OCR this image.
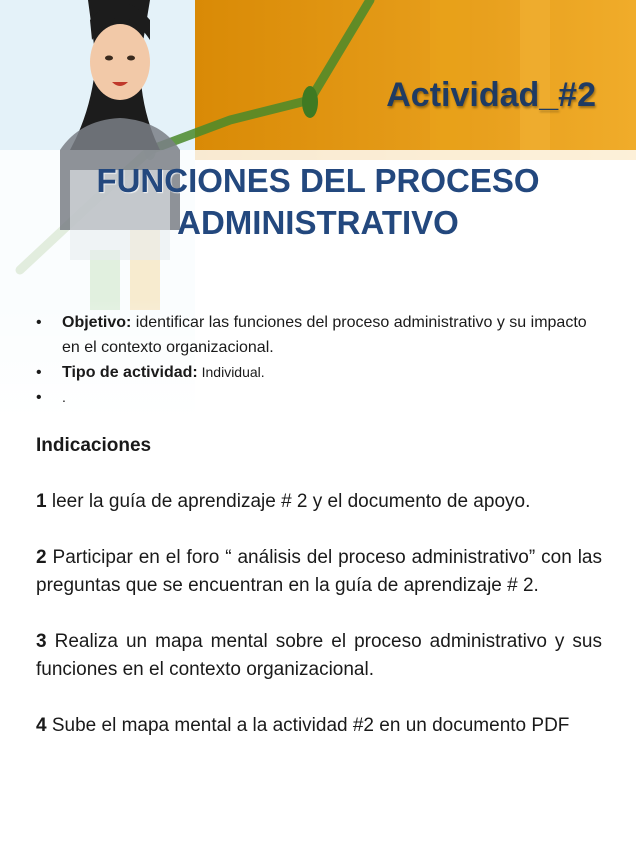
Actividad_#2
FUNCIONES DEL PROCESO
ADMINISTRATIVO
• Objetivo: identificar las funciones del proceso administrativo y su impacto en el contexto organizacional.
• Tipo de actividad: Individual.
• .
Indicaciones
1 leer la guía de aprendizaje # 2 y el documento de apoyo.
2 Participar en el foro “ análisis del proceso administrativo” con las preguntas que se encuentran en la guía de aprendizaje # 2.
3 Realiza un mapa mental sobre el proceso administrativo y sus funciones en el contexto organizacional.
4 Sube el mapa mental a la actividad #2 en un documento PDF
